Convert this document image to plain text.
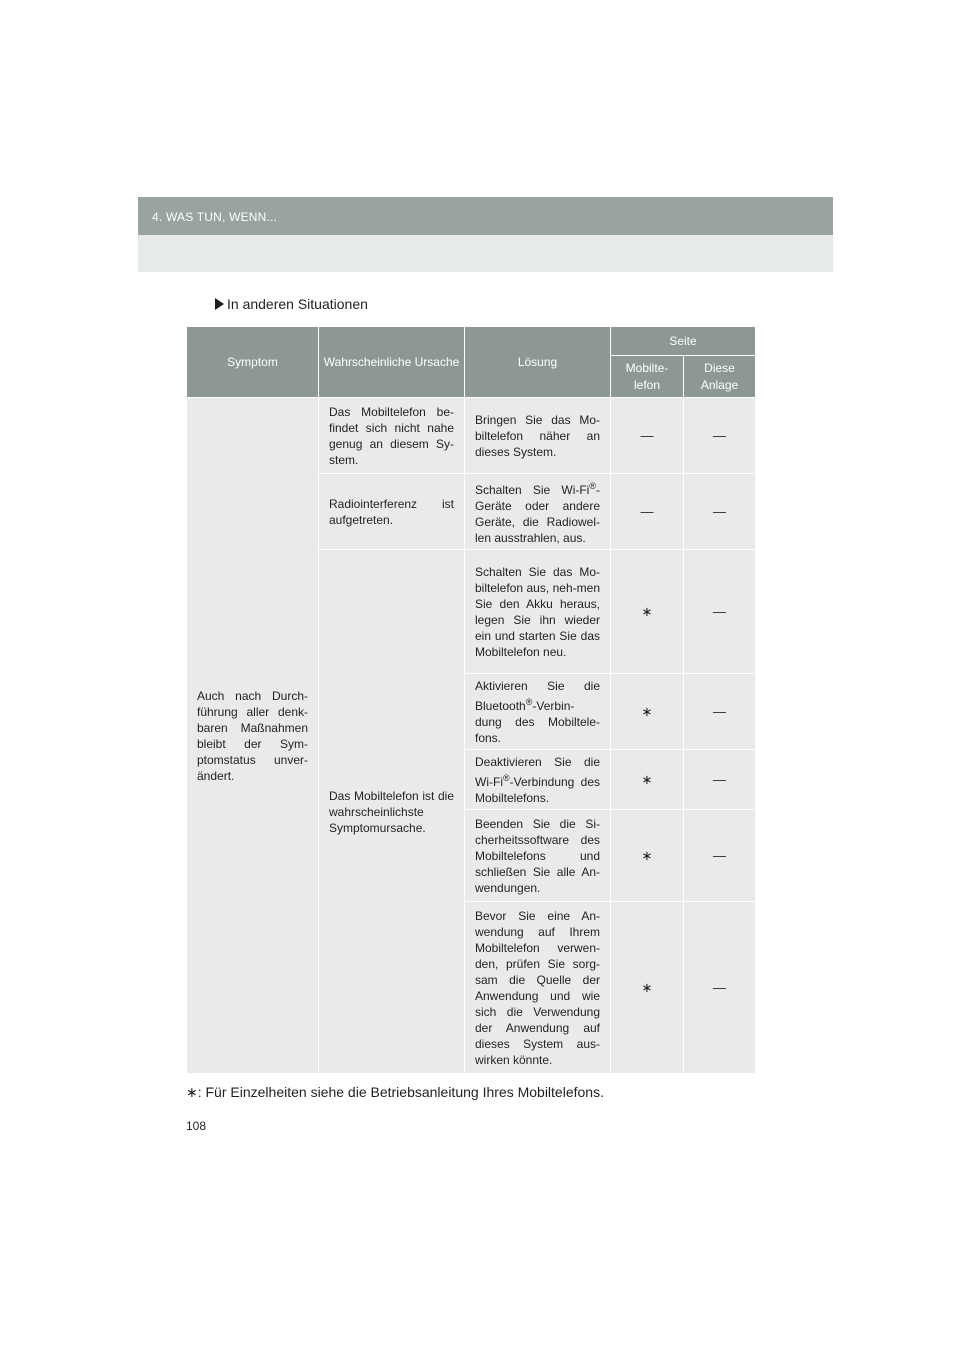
4. WAS TUN, WENN...
In anderen Situationen
Symptom	Wahrscheinliche Ursache	Lösung	Seite	
			Mobilte-lefon	Diese Anlage
Auch nach Durch-führung aller denk-baren Maßnahmen bleibt der Sym-ptomstatus unver-ändert.	Das Mobiltelefon be-findet sich nicht nahe genug an diesem Sy-stem.	Bringen Sie das Mo-biltelefon näher an dieses System.	—	—
	Radiointerferenz ist aufgetreten.	Schalten Sie Wi-Fi®-Geräte oder andere Geräte, die Radiowel-len ausstrahlen, aus.	—	—
	Das Mobiltelefon ist die wahrscheinlichste Symptomursache.	Schalten Sie das Mo-biltelefon aus, neh-men Sie den Akku heraus, legen Sie ihn wieder ein und starten Sie das Mobiltelefon neu.	∗	—
		Aktivieren Sie die Bluetooth®-Verbin-dung des Mobiltele-fons.	∗	—
		Deaktivieren Sie die Wi-Fi®-Verbindung des Mobiltelefons.	∗	—
		Beenden Sie die Si-cherheitssoftware des Mobiltelefons und schließen Sie alle An-wendungen.	∗	—
		Bevor Sie eine An-wendung auf Ihrem Mobiltelefon verwen-den, prüfen Sie sorg-sam die Quelle der Anwendung und wie sich die Verwendung der Anwendung auf dieses System aus-wirken könnte.	∗	—
∗: Für Einzelheiten siehe die Betriebsanleitung Ihres Mobiltelefons.
108
